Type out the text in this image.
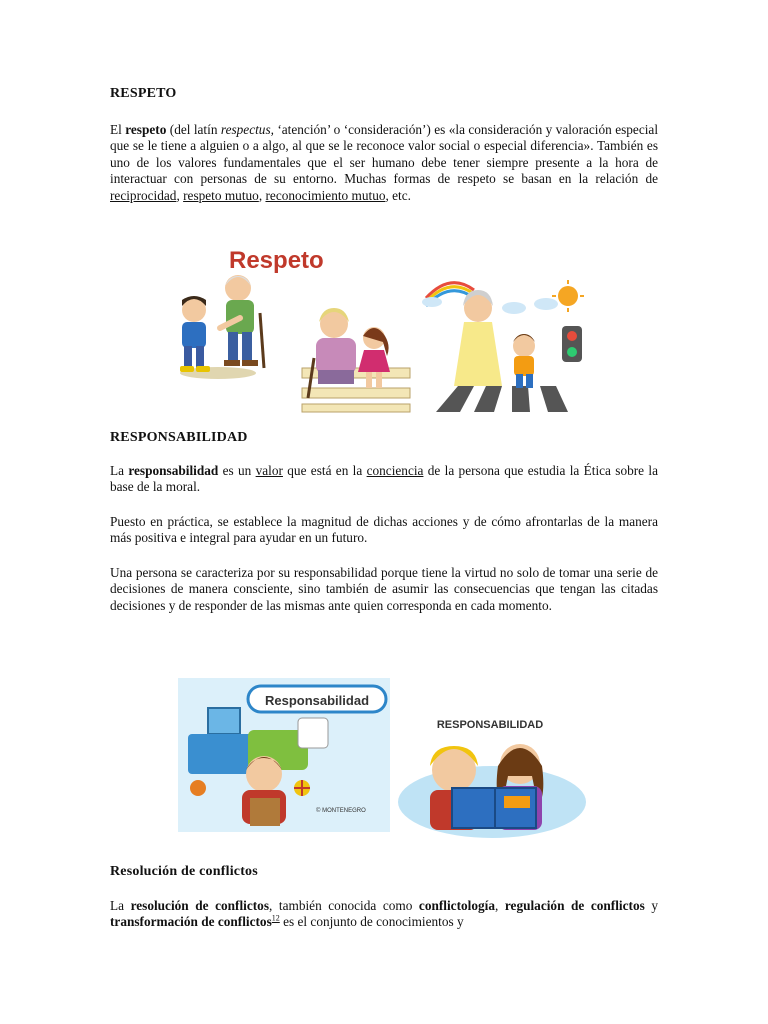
RESPETO
El respeto (del latín respectus, ‘atención’ o ‘consideración’) es «la consideración y valoración especial que se le tiene a alguien o a algo, al que se le reconoce valor social o especial diferencia». También es uno de los valores fundamentales que el ser humano debe tener siempre presente a la hora de interactuar con personas de su entorno. Muchas formas de respeto se basan en la relación de reciprocidad, respeto mutuo, reconocimiento mutuo, etc.
Respeto
RESPONSABILIDAD
La responsabilidad es un valor que está en la conciencia de la persona que estudia la Ética sobre la base de la moral.
Puesto en práctica, se establece la magnitud de dichas acciones y de cómo afrontarlas de la manera más positiva e integral para ayudar en un futuro.
Una persona se caracteriza por su responsabilidad porque tiene la virtud no solo de tomar una serie de decisiones de manera consciente, sino también de asumir las consecuencias que tengan las citadas decisiones y de responder de las mismas ante quien corresponda en cada momento.
Responsabilidad
© MONTENEGRO
RESPONSABILIDAD
Resolución de conflictos
La resolución de conflictos, también conocida como conflictología, regulación de conflictos y transformación de conflictos$^{12}$ es el conjunto de conocimientos y
